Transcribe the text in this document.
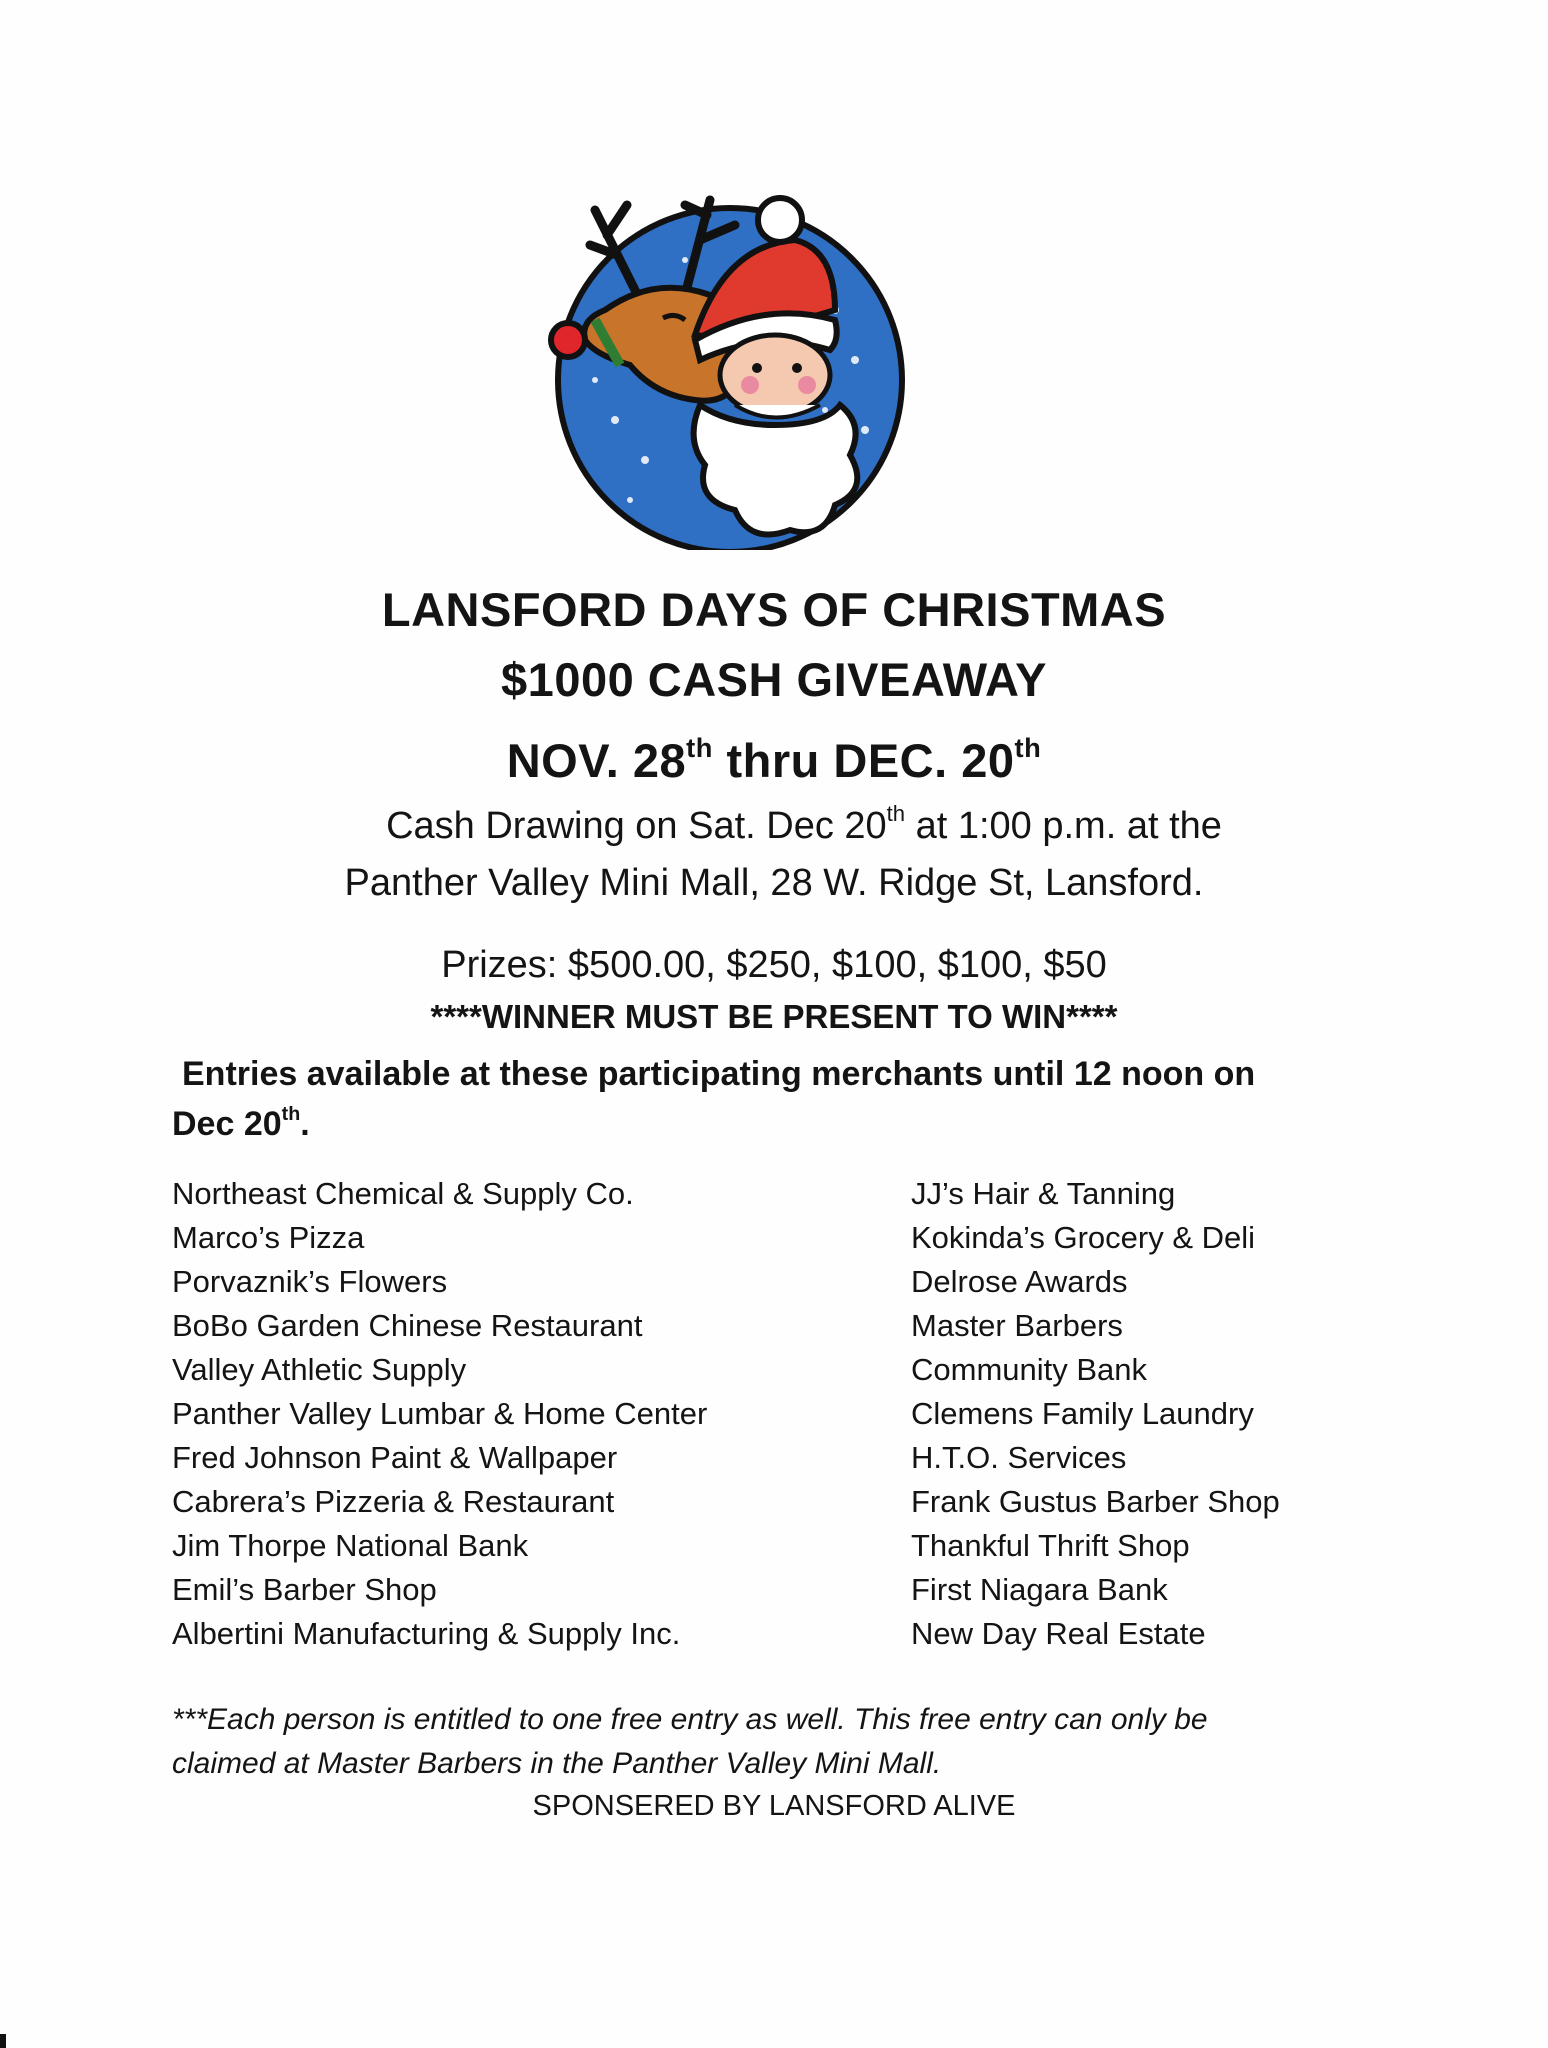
LANSFORD DAYS OF CHRISTMAS
$1000 CASH GIVEAWAY
NOV. 28th thru DEC. 20th
Cash Drawing on Sat. Dec 20th at 1:00 p.m. at the
Panther Valley Mini Mall, 28 W. Ridge St, Lansford.
Prizes: $500.00, $250, $100, $100, $50
****WINNER MUST BE PRESENT TO WIN****
Entries available at these participating merchants until 12 noon on
Dec 20th.
Northeast Chemical & Supply Co.
Marco’s Pizza
Porvaznik’s Flowers
BoBo Garden Chinese Restaurant
Valley Athletic Supply
Panther Valley Lumbar & Home Center
Fred Johnson Paint & Wallpaper
Cabrera’s Pizzeria & Restaurant
Jim Thorpe National Bank
Emil’s Barber Shop
Albertini Manufacturing & Supply Inc.
JJ’s Hair & Tanning
Kokinda’s Grocery & Deli
Delrose Awards
Master Barbers
Community Bank
Clemens Family Laundry
H.T.O. Services
Frank Gustus Barber Shop
Thankful Thrift Shop
First Niagara Bank
New Day Real Estate
***Each person is entitled to one free entry as well. This free entry can only be
claimed at Master Barbers in the Panther Valley Mini Mall.
SPONSERED BY LANSFORD ALIVE
